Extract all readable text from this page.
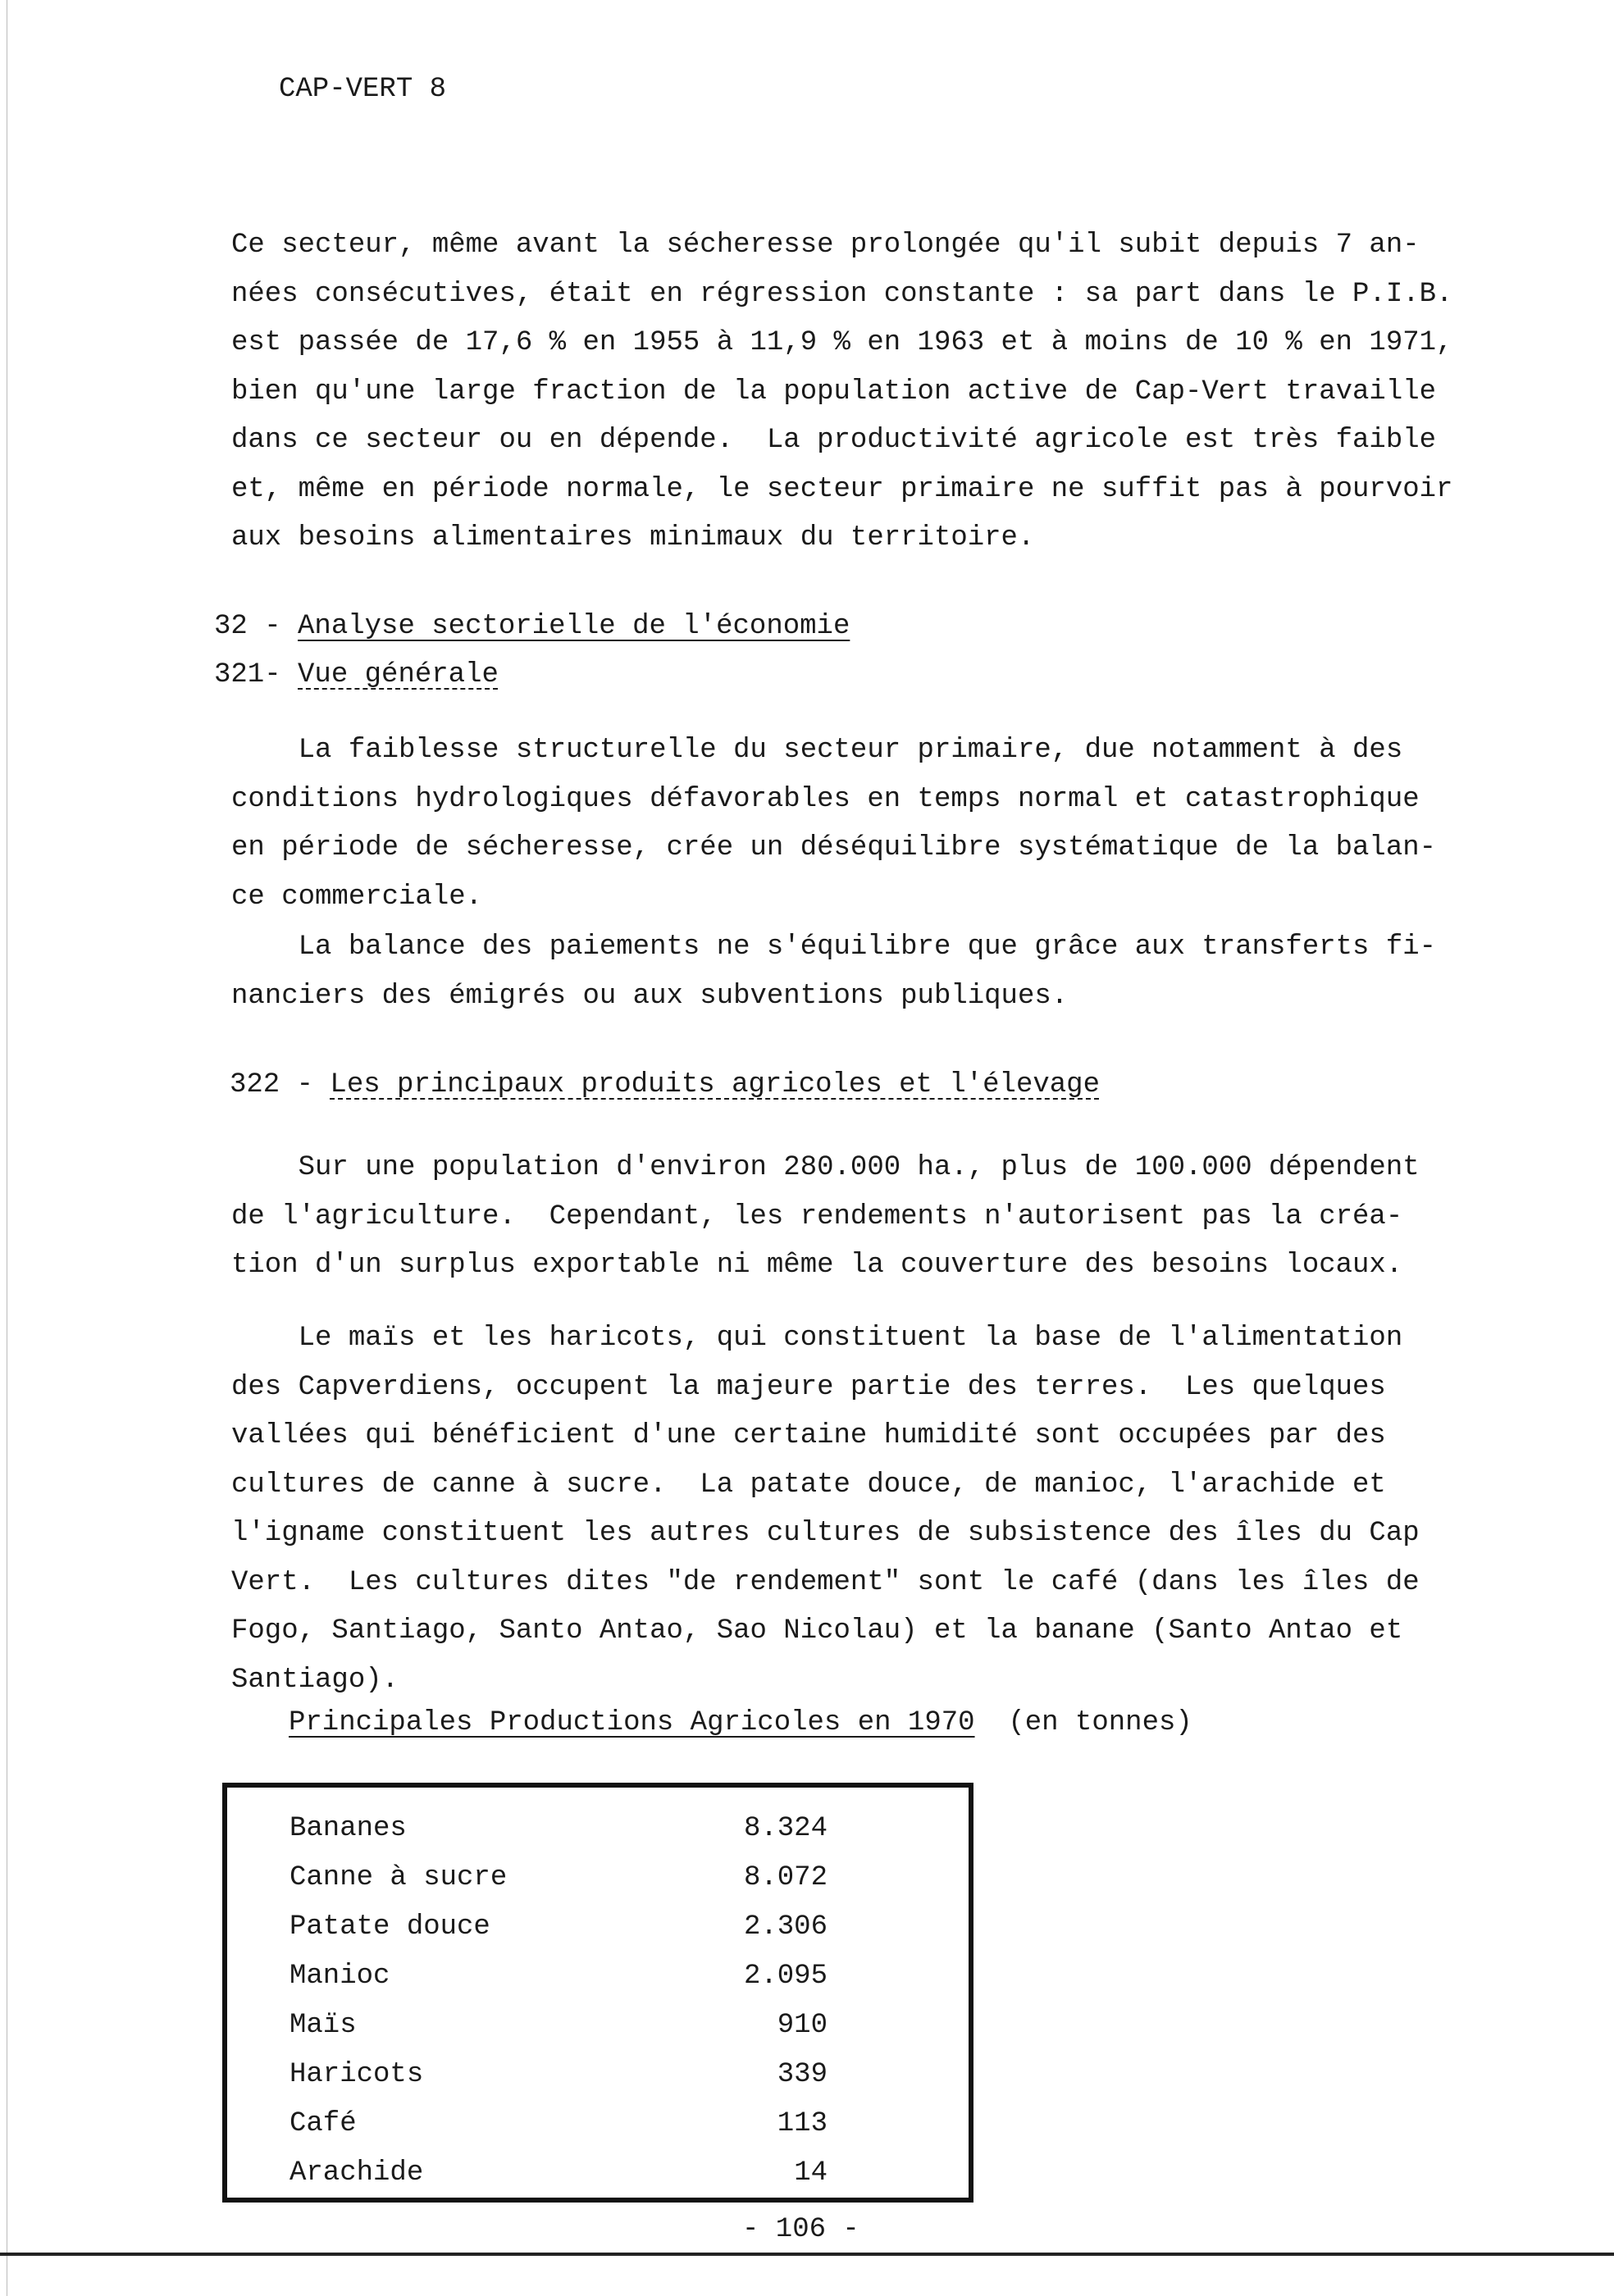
CAP-VERT 8
Ce secteur, même avant la sécheresse prolongée qu'il subit depuis 7 an-
nées consécutives, était en régression constante : sa part dans le P.I.B.
est passée de 17,6 % en 1955 à 11,9 % en 1963 et à moins de 10 % en 1971,
bien qu'une large fraction de la population active de Cap-Vert travaille
dans ce secteur ou en dépende.  La productivité agricole est très faible
et, même en période normale, le secteur primaire ne suffit pas à pourvoir
aux besoins alimentaires minimaux du territoire.
32 - Analyse sectorielle de l'économie
321- Vue générale
La faiblesse structurelle du secteur primaire, due notamment à des
conditions hydrologiques défavorables en temps normal et catastrophique
en période de sécheresse, crée un déséquilibre systématique de la balan-
ce commerciale.
La balance des paiements ne s'équilibre que grâce aux transferts fi-
nanciers des émigrés ou aux subventions publiques.
322 - Les principaux produits agricoles et l'élevage
Sur une population d'environ 280.000 ha., plus de 100.000 dépendent
de l'agriculture.  Cependant, les rendements n'autorisent pas la créa-
tion d'un surplus exportable ni même la couverture des besoins locaux.
Le maïs et les haricots, qui constituent la base de l'alimentation
des Capverdiens, occupent la majeure partie des terres.  Les quelques
vallées qui bénéficient d'une certaine humidité sont occupées par des
cultures de canne à sucre.  La patate douce, de manioc, l'arachide et
l'igname constituent les autres cultures de subsistence des îles du Cap
Vert.  Les cultures dites "de rendement" sont le café (dans les îles de
Fogo, Santiago, Santo Antao, Sao Nicolau) et la banane (Santo Antao et
Santiago).
Principales Productions Agricoles en 1970 (en tonnes)
Bananes	8.324
Canne à sucre	8.072
Patate douce	2.306
Manioc	2.095
Maïs	910
Haricots	339
Café	113
Arachide	14
- 106 -
